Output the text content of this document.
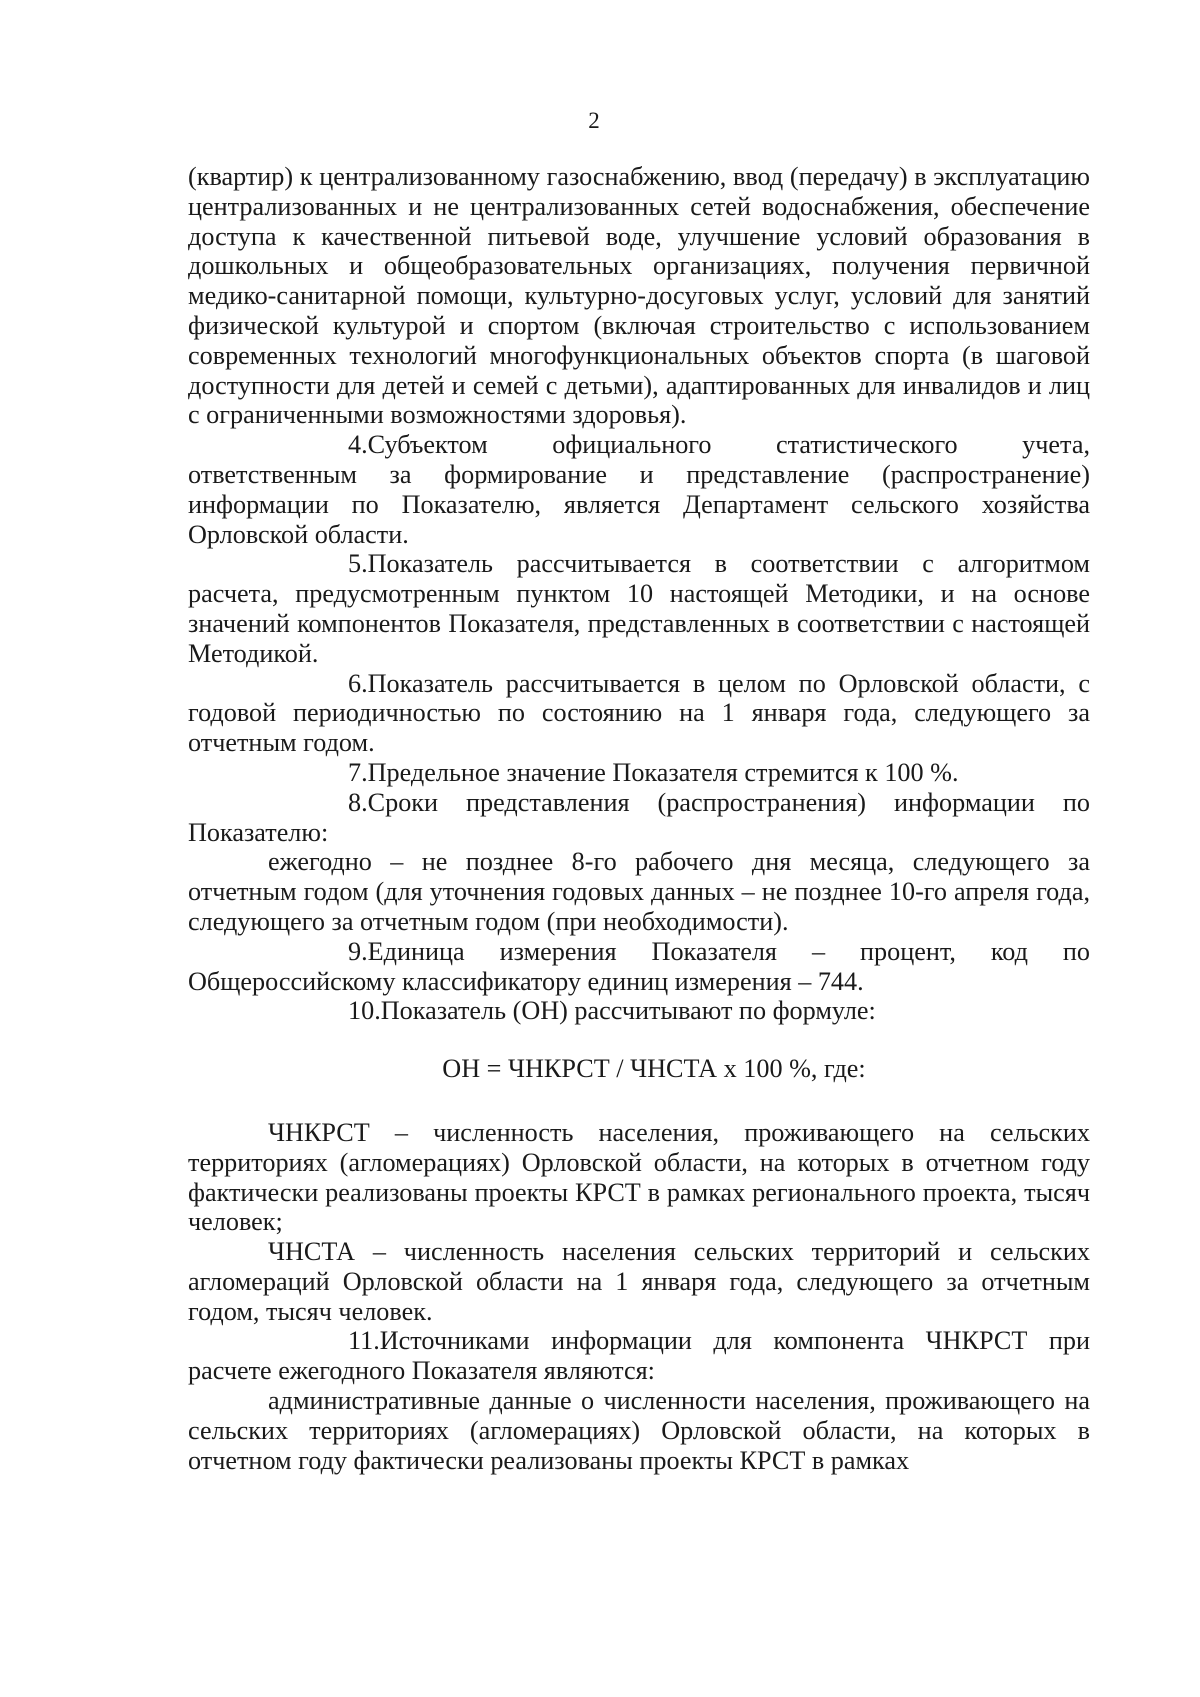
2

(квартир) к централизованному газоснабжению, ввод (передачу) в эксплуатацию централизованных и не централизованных сетей водоснабжения, обеспечение доступа к качественной питьевой воде, улучшение условий образования в дошкольных и общеобразовательных организациях, получения первичной медико-санитарной помощи, культурно-досуговых услуг, условий для занятий физической культурой и спортом (включая строительство с использованием современных технологий многофункциональных объектов спорта (в шаговой доступности для детей и семей с детьми), адаптированных для инвалидов и лиц с ограниченными возможностями здоровья).

4.Субъектом официального статистического учета, ответственным за формирование и представление (распространение) информации по Показателю, является Департамент сельского хозяйства Орловской области.

5.Показатель рассчитывается в соответствии с алгоритмом расчета, предусмотренным пунктом 10 настоящей Методики, и на основе значений компонентов Показателя, представленных в соответствии с настоящей Методикой.

6.Показатель рассчитывается в целом по Орловской области, с годовой периодичностью по состоянию на 1 января года, следующего за отчетным годом.

7.Предельное значение Показателя стремится к 100 %.

8.Сроки представления (распространения) информации по Показателю:

ежегодно – не позднее 8-го рабочего дня месяца, следующего за отчетным годом (для уточнения годовых данных – не позднее 10-го апреля года, следующего за отчетным годом (при необходимости).

9.Единица измерения Показателя – процент, код по Общероссийскому классификатору единиц измерения – 744.

10.Показатель (ОН) рассчитывают по формуле:

ОН = ЧНКРСТ / ЧНСТА х 100 %, где:

ЧНКРСТ – численность населения, проживающего на сельских территориях (агломерациях) Орловской области, на которых в отчетном году фактически реализованы проекты КРСТ в рамках регионального проекта, тысяч человек;

ЧНСТА – численность населения сельских территорий и сельских агломераций Орловской области на 1 января года, следующего за отчетным годом, тысяч человек.

11.Источниками информации для компонента ЧНКРСТ при расчете ежегодного Показателя являются:

административные данные о численности населения, проживающего на сельских территориях (агломерациях) Орловской области, на которых в отчетном году фактически реализованы проекты КРСТ в рамках
